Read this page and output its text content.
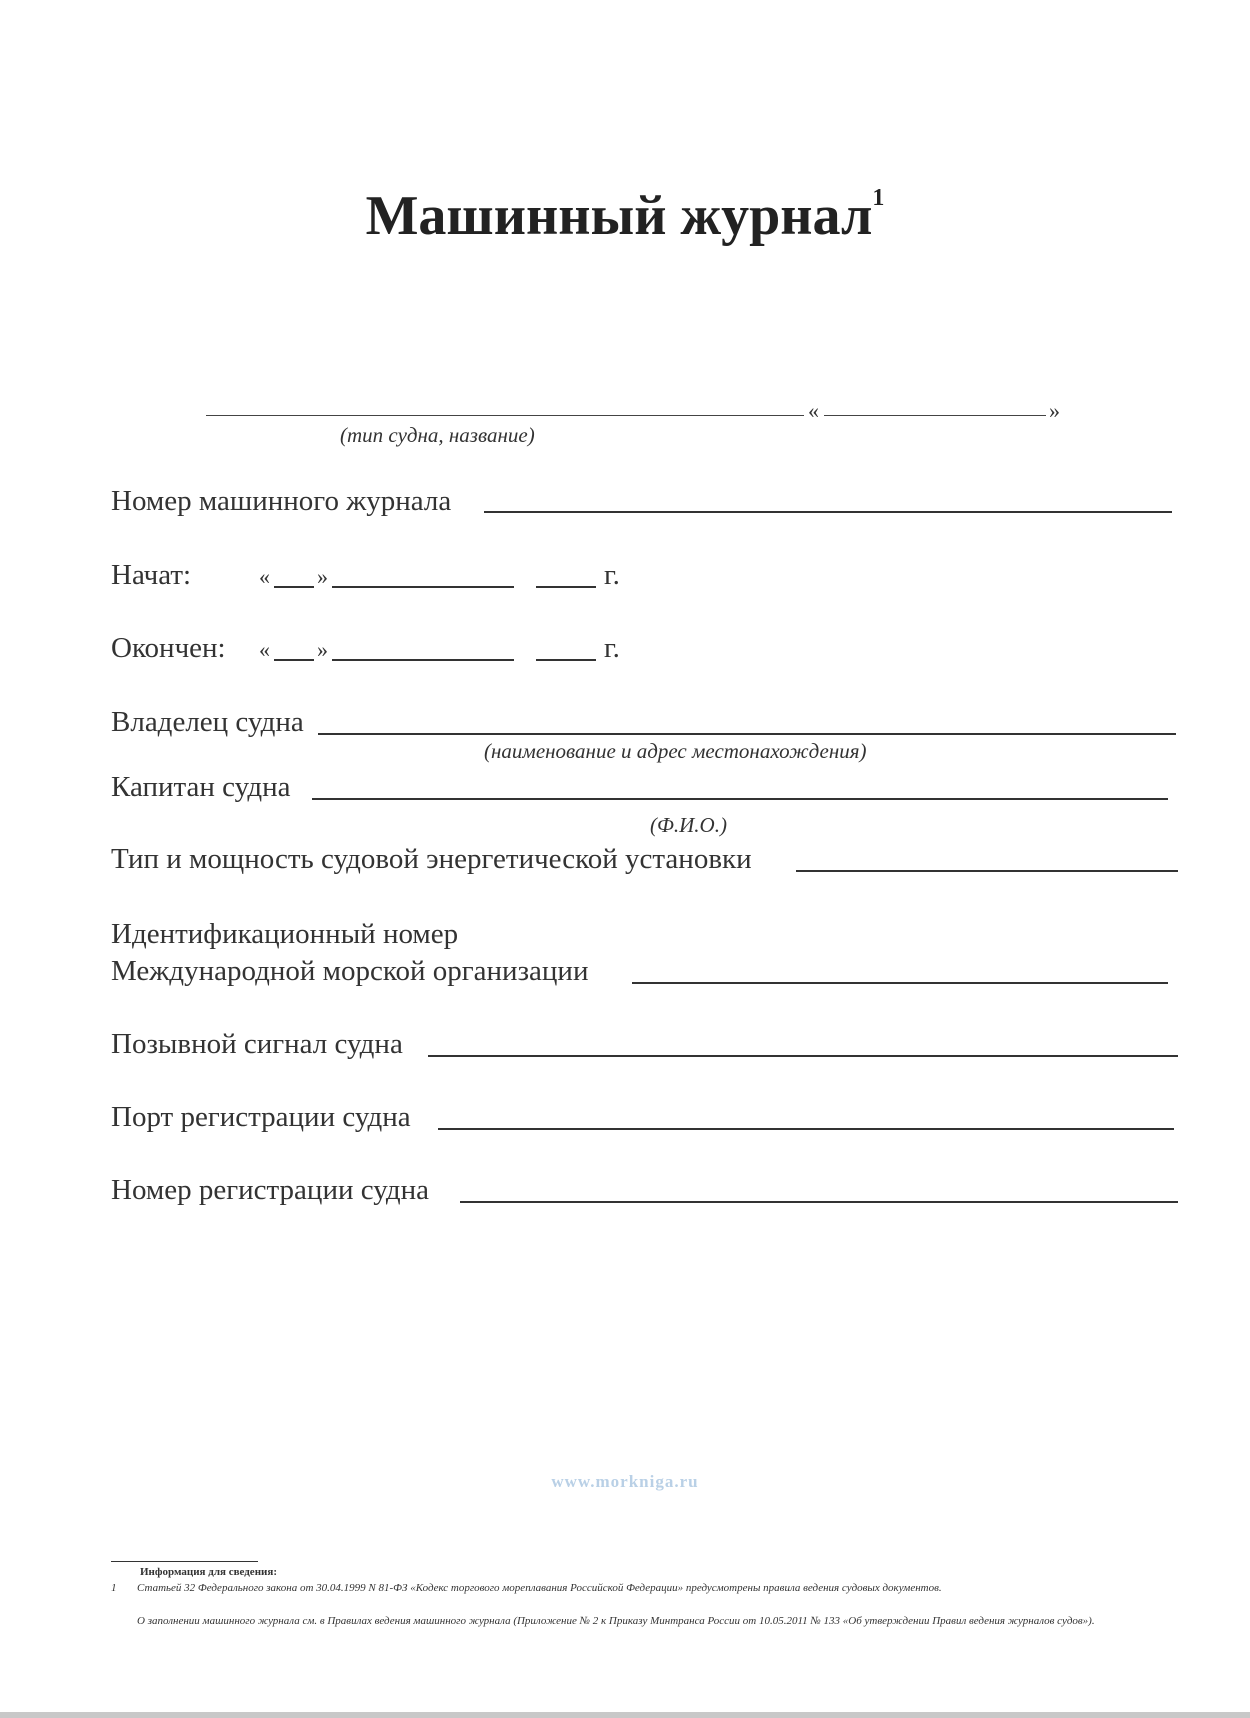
Машинный журнал$^1$
«	»
(тип судна, название)
Номер машинного журнала
Начат:	« »	г.
Окончен: « »	г.
Владелец судна
(наименование и адрес местонахождения)
Капитан судна
(Ф.И.О.)
Тип и мощность судовой энергетической установки
Идентификационный номер
Международной морской организации
Позывной сигнал судна
Порт регистрации судна
Номер регистрации судна
www.morkniga.ru
Информация для сведения:
1 Статьей 32 Федерального закона от 30.04.1999 N 81-ФЗ «Кодекс торгового мореплавания Российской Федерации» предусмотрены правила ведения судовых документов.
О заполнении машинного журнала см. в Правилах ведения машинного журнала (Приложение № 2 к Приказу Минтранса России от 10.05.2011 № 133 «Об утверждении Правил ведения журналов судов»).
